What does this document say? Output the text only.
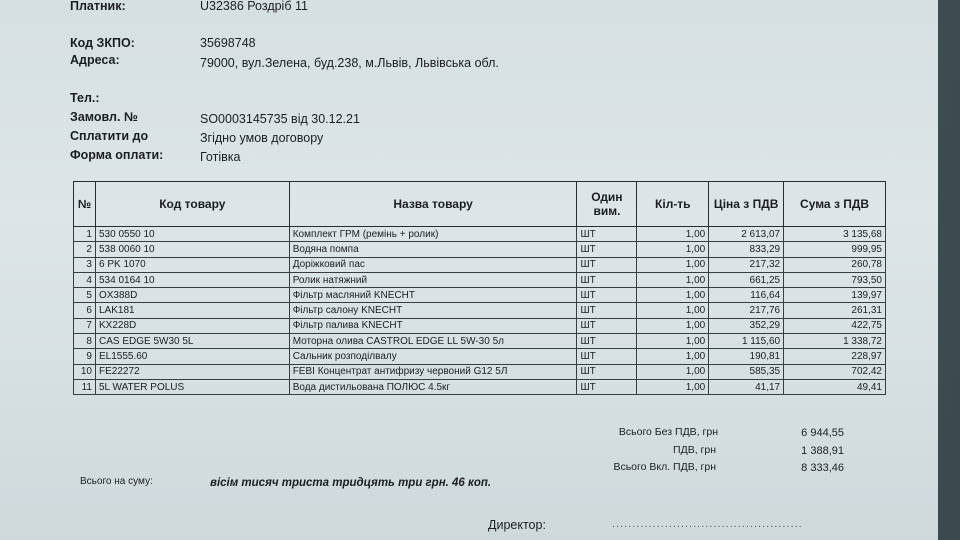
Платник:	U32386 Роздріб 11
Код ЗКПО:	35698748
Адреса:	79000, вул.Зелена, буд.238, м.Львів, Львівська обл.
Тел.:
Замовл. №	SO0003145735 від 30.12.21
Сплатити до	Згідно умов договору
Форма оплати:	Готівка
№	Код товару	Назва товару	Один вим.	Кіл-ть	Ціна з ПДВ	Сума з ПДВ
1	530 0550 10	Комплект ГРМ (ремінь + ролик)	ШТ	1,00	2 613,07	3 135,68
2	538 0060 10	Водяна помпа	ШТ	1,00	833,29	999,95
3	6 PK 1070	Доріжковий пас	ШТ	1,00	217,32	260,78
4	534 0164 10	Ролик натяжний	ШТ	1,00	661,25	793,50
5	OX388D	Фільтр масляний KNECHT	ШТ	1,00	116,64	139,97
6	LAK181	Фільтр салону KNECHT	ШТ	1,00	217,76	261,31
7	KX228D	Фільтр палива KNECHT	ШТ	1,00	352,29	422,75
8	CAS EDGE 5W30 5L	Моторна олива CASTROL EDGE LL 5W-30 5л	ШТ	1,00	1 115,60	1 338,72
9	EL1555.60	Сальник розподілвалу	ШТ	1,00	190,81	228,97
10	FE22272	FEBI Концентрат антифризу червоний G12 5Л	ШТ	1,00	585,35	702,42
11	5L WATER POLUS	Вода дистильована ПОЛЮС 4.5кг	ШТ	1,00	41,17	49,41
Всього Без ПДВ, грн	6 944,55
ПДВ, грн	1 388,91
Всього Вкл. ПДВ, грн	8 333,46
Всього на суму:	вісім тисяч триста тридцять три грн. 46 коп.
Директор:	...............................................
